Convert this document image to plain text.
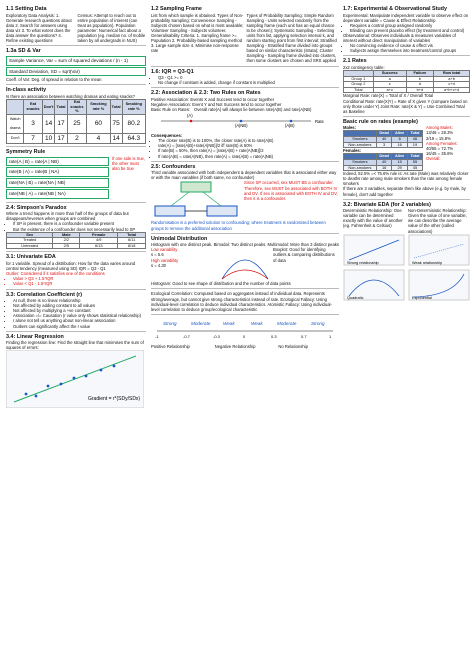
1.1 Setting Data
Exploratory Data Analysis: 1. Generate research questions about data 2. Search for answers using data viz 3. To what extent does the data answer the questions? 4. Refine existing questions
Census: Attempt to reach out to entire population of interest (can treat as population). Population parameter: Numerical fact about a population (eg. median no. of mobile taken by all undergrads in NUS)
1.3a SD & Var
Sample Variance, Var = sum of squared deviations / (n - 1)
Standard Deviation, SD = sqrt(Var)
Coeff. of Var: Deg. of spread in relation to the mean
In-class activity
Is there an association between watching dramas and eating snacks?
	Eat snacks	Don't	Total	Eat snacks %	Smoking rate %	Total	Smoking rate %
Watch drama	3	14	17	25	60	75	80.2
Don't	7	10	17	2	4	14	64.3
Symmetry Rule
rate(A | B) = rate(A | NB)
rate(B | A) = rate(B | NA)
rate(NA | B) = rate(NA | NB)
rate(NB | A) = rate(NB | NA)
If one side is true, the other must also be true
2.4: Simpson's Paradox
Where a trend happens in more than half of the groups of data but disappears/reverses when groups are combined
• If SP is present, there is a confounder variable present
• But the existence of a confounder does not necessarily lead to SP
Sex	Male	Female	Total
Treated	2/2	4/9	6/11
Untreated	2/5	6/13	8/18
3.1: Univariate EDA
for 1 variable. Spread of a distribution: How far the data varies around central tendency (measured using SD) IQR = Q3 - Q1
Outlier: Considered if it satisfies one of the conditions
• Value > Q3 + 1.5*IQR
• Value < Q1 - 1.5*IQR
3.3: Correlation Coefficient (r)
• At null, there is no linear relationship
• Not affected by adding constant to all values
• Not affected by multiplying a +ve constant
• Association =/= Causation (r value only shows statistical relationship)
• r alone not tell us anything about non-linear association
• Outliers can significantly affect the r value
3.4: Linear Regression
Finding the regression line: Find the straight line that minimises the sum of squares of errors:
Gradient = r*(SDy/SDx)
1.2 Sampling Frame
List from which sample is obtained. Types of Non-probability Sampling: Convenience Sampling - Subjects chosen based on what is most available; Volunteer Sampling - Subjects volunteer. Generalisability Criteria: 1. Sampling frame >= Population 2. Probability-based sampling method 3. Large sample size 4. Minimise non-response rate
Types of Probability Sampling: Simple Random Sampling - Units selected randomly from the sampling frame (each unit has an equal chance to be chosen); Systematic Sampling - Selecting units from list, applying selection interval k, and random starting point from first interval; Stratified Sampling - Stratified frame divided into groups based on similar characteristic (strata); Cluster Sampling - Sampling frame divided into clusters, then some clusters are chosen and SRS applied
1.6: IQR = Q3-Q1
• Q3 - Q1 >= 0
• No change if constant is added, change if constant is multiplied
2.2: Association & 2.3: Two Rules on Rates
Positive Association: Events X and Success tend to occur together
Negative Association: Event Y and Not Success tend to occur together
Basic Rule on Rates: Overall rate(A) will always lie between rate(A|B) and rate(A|NB)
(A)
(A|NB)	(A|B)
Rate
Consequences:
• The closer rate(B) is to 100%, the closer rate(A) is to rate(A|B)
• rate(A) = [rate(A|B)+rate(A|NB)]/2 iff rate(B) is 50%
• If rate(B) = 50%, then rate(A) = [rate(A|B) + rate(A|NB)]/2
• If rate(A|B) = rate(A|NB), then rate(A) = rate(A|B) = rate(A|NB)
2.5: Confounders
Third variable associated with both independent & dependent variables that is associated either way or with the main variables (if both same, no confounder)
Since SP occurred, sex MUST BE a confounder. Therefore, sex MUST be associated with BOTH IV and DV. If sex is associated with BOTH IV and DV, then it is a confounder.
Randomisation is a preferred solution to confounding; where treatment is randomised between groups to remove the additional association
Unimodal Distribution
Histogram with one distinct peak. Bimodal: Two distinct peaks. Multimodal: More than 3 distinct peaks
Low variability
s = 5.6
High variability
s = 4.30
Boxplot: Good for identifying outliers & comparing distributions of data
Histogram: Good to see shape of distribution and the number of data points
Ecological Correlation: Computed based on aggregates instead of individual data. Represents strong/average, but cannot give strong characteristics instead of rate. Ecological Fallacy: Using individual-level correlation to deduce individual characteristics. Atomistic Fallacy: Using individual-level correlation to deduce group/ecological characteristic
-1	-0.7	-0.3	0	0.3	0.7	1
Strong	Moderate	Weak	Weak	Moderate	Strong
Positive Relationship	Negative Relationship	No Relationship
1.7: Experimental & Observational Study
Experimental: Manipulate independent variable to observe effect on dependent variable = Cause & Effect Relationship
• Requires a control group assigned randomly
• Blinding can prevent placebo effect (by treatment and control)
Observational: Observes individuals & measures variables of interest without direct manipulation of variables
• No convincing evidence of cause & effect vis
• Subjects assign themselves into treatment/control groups
2.1 Rates
2x2 contingency table:
	Success	Failure	Row total
Group 1	a	b	a+b
Group 2	c	d	c+d
Total	a+c	b+d	a+b+c+d
Marginal Rate: rate(X) = Total of X / Overall Total
Conditional Rate: rate(X|Y) = Rate of X given Y (compare based on only those under Y) Joint Rate: rate(X & Y) = Use Combined Total as Baseline
Basic rule on rates (example)
Males:
	Dead	Alive	Total
Smokers	40	6	46
Non-smokers	3	16	19
Females:
	Dead	Alive	Total
Smokers	40	15	55
Non-smokers	16	29	45
Among Males:
13/46 = 28.3%
3/19 = 15.8%
Among Females:
40/55 = 72.7%
16/45 = 35.6%
Overall:
Indeed, 52.5% =< 75.6% rule is: As rate (Male) was relatively closer to deaths rate among male smokers than the rate among female smokers
If there are 3 variables, separate them like above (e.g. by male, by female), don't add together
3.2: Bivariate EDA (for 2 variables)
Deterministic Relationship: One variable can be determined exactly with the value of another (eg. Fahrenheit & Celsius)
Non-Deterministic Relationship: Given the value of one variable, we can describe the average value of the other (called associations)
Strong relationship	Weak relationship
Quadratic	Exponential
